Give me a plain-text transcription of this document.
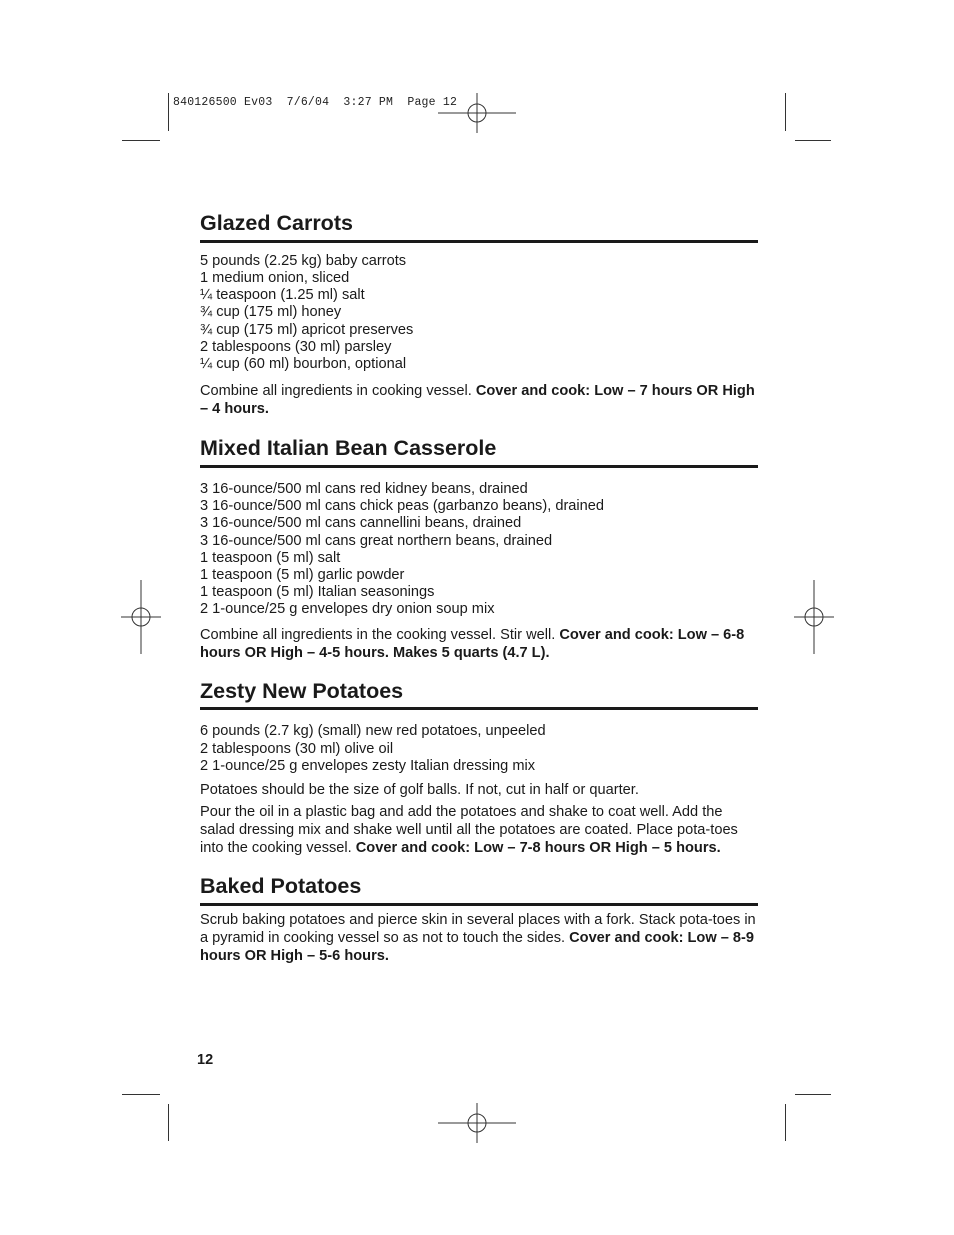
840126500 Ev03  7/6/04  3:27 PM  Page 12
Glazed Carrots
5 pounds (2.25 kg) baby carrots
1 medium onion, sliced
¼ teaspoon (1.25 ml) salt
¾ cup (175 ml) honey
¾ cup (175 ml) apricot preserves
2 tablespoons (30 ml) parsley
¼ cup (60 ml) bourbon, optional

Combine all ingredients in cooking vessel. Cover and cook: Low – 7 hours OR High – 4 hours.

Mixed Italian Bean Casserole
3 16-ounce/500 ml cans red kidney beans, drained
3 16-ounce/500 ml cans chick peas (garbanzo beans), drained
3 16-ounce/500 ml cans cannellini beans, drained
3 16-ounce/500 ml cans great northern beans, drained
1 teaspoon (5 ml) salt
1 teaspoon (5 ml) garlic powder
1 teaspoon (5 ml) Italian seasonings
2 1-ounce/25 g envelopes dry onion soup mix

Combine all ingredients in the cooking vessel. Stir well. Cover and cook: Low – 6-8 hours OR High – 4-5 hours. Makes 5 quarts (4.7 L).

Zesty New Potatoes
6 pounds (2.7 kg) (small) new red potatoes, unpeeled
2 tablespoons (30 ml) olive oil
2 1-ounce/25 g envelopes zesty Italian dressing mix

Potatoes should be the size of golf balls. If not, cut in half or quarter.

Pour the oil in a plastic bag and add the potatoes and shake to coat well. Add the salad dressing mix and shake well until all the potatoes are coated. Place pota-toes into the cooking vessel. Cover and cook: Low – 7-8 hours OR High – 5 hours.

Baked Potatoes

Scrub baking potatoes and pierce skin in several places with a fork. Stack pota-toes in a pyramid in cooking vessel so as not to touch the sides. Cover and cook: Low – 8-9 hours OR High – 5-6 hours.

12
